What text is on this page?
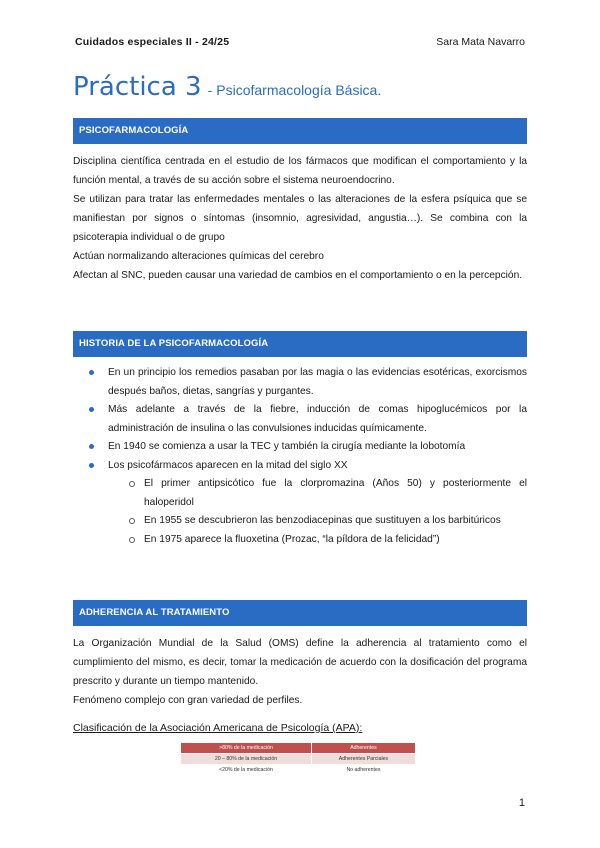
Cuidados especiales II - 24/25	Sara Mata Navarro
Práctica 3 - Psicofarmacología Básica.
PSICOFARMACOLOGÍA

Disciplina científica centrada en el estudio de los fármacos que modifican el comportamiento y la función mental, a través de su acción sobre el sistema neuroendocrino.

Se utilizan para tratar las enfermedades mentales o las alteraciones de la esfera psíquica que se manifiestan por signos o síntomas (insomnio, agresividad, angustia…). Se combina con la psicoterapia individual o de grupo

Actúan normalizando alteraciones químicas del cerebro

Afectan al SNC, pueden causar una variedad de cambios en el comportamiento o en la percepción.

HISTORIA DE LA PSICOFARMACOLOGÍA
En un principio los remedios pasaban por las magia o las evidencias esotéricas, exorcismos después baños, dietas, sangrías y purgantes.
Más adelante a través de la fiebre, inducción de comas hipoglucémicos por la administración de insulina o las convulsiones inducidas químicamente.
En 1940 se comienza a usar la TEC y también la cirugía mediante la lobotomía
Los psicofármacos aparecen en la mitad del siglo XX
El primer antipsicótico fue la clorpromazina (Años 50) y posteriormente el haloperidol
En 1955 se descubrieron las benzodiacepinas que sustituyen a los barbitúricos
En 1975 aparece la fluoxetina (Prozac, “la píldora de la felicidad”)
ADHERENCIA AL TRATAMIENTO

La Organización Mundial de la Salud (OMS) define la adherencia al tratamiento como el cumplimiento del mismo, es decir, tomar la medicación de acuerdo con la dosificación del programa prescrito y durante un tiempo mantenido.

Fenómeno complejo con gran variedad de perfiles.

Clasificación de la Asociación Americana de Psicología (APA):
>80% de la medicación	Adherentes
20 – 80% de la medicación	Adherentes Parciales
<20% de la medicación	No adherentes
1
